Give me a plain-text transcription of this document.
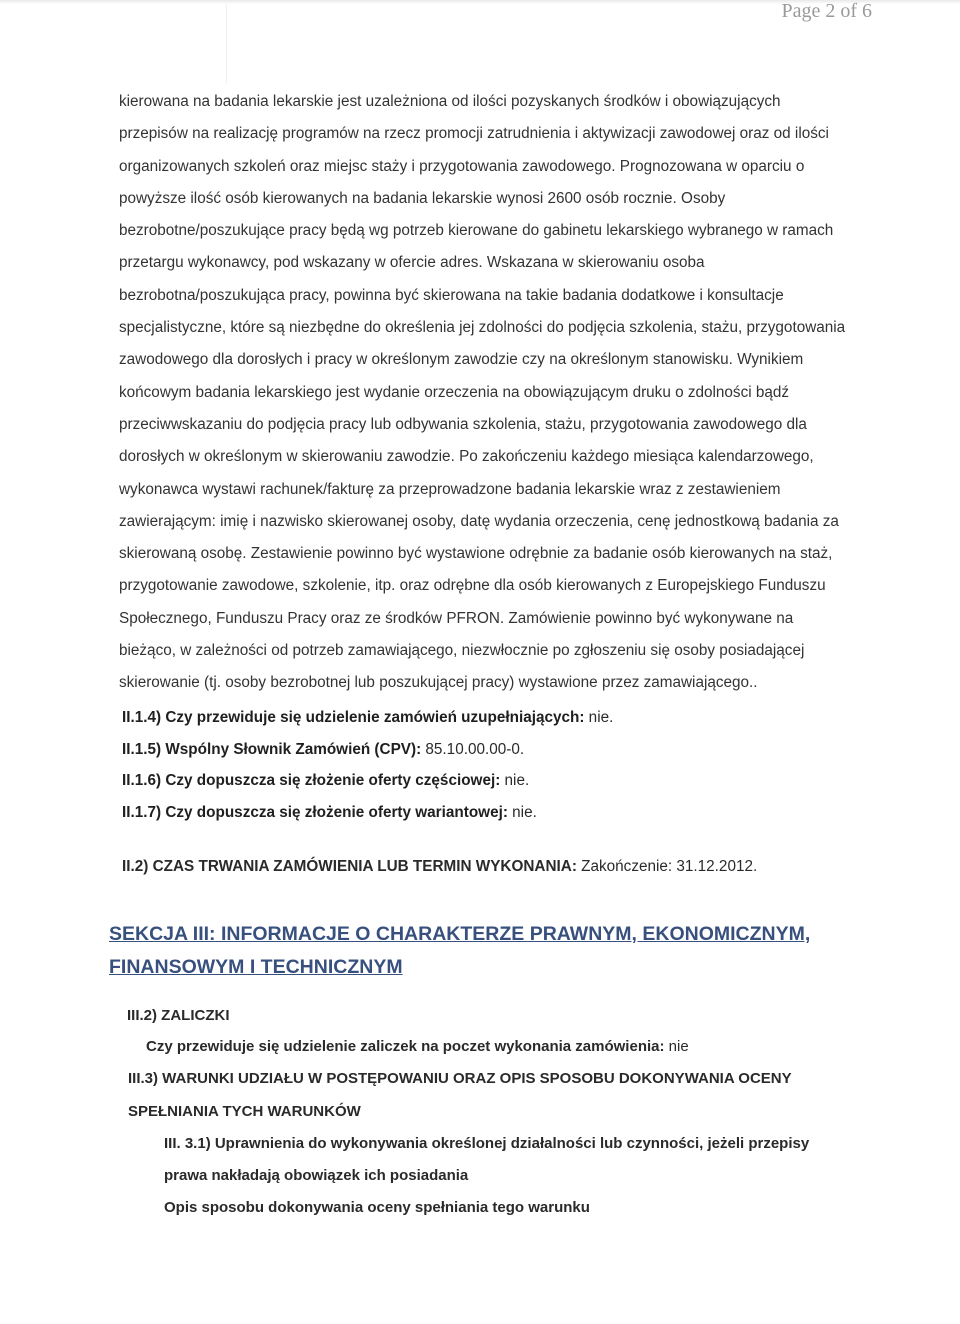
Page 2 of 6
kierowana na badania lekarskie jest uzależniona od ilości pozyskanych środków i obowiązujących
przepisów na realizację programów na rzecz promocji zatrudnienia i aktywizacji zawodowej oraz od ilości
organizowanych szkoleń oraz miejsc staży i przygotowania zawodowego. Prognozowana w oparciu o
powyższe ilość osób kierowanych na badania lekarskie wynosi 2600 osób rocznie. Osoby
bezrobotne/poszukujące pracy będą wg potrzeb kierowane do gabinetu lekarskiego wybranego w ramach
przetargu wykonawcy, pod wskazany w ofercie adres. Wskazana w skierowaniu osoba
bezrobotna/poszukująca pracy, powinna być skierowana na takie badania dodatkowe i konsultacje
specjalistyczne, które są niezbędne do określenia jej zdolności do podjęcia szkolenia, stażu, przygotowania
zawodowego dla dorosłych i pracy w określonym zawodzie czy na określonym stanowisku. Wynikiem
końcowym badania lekarskiego jest wydanie orzeczenia na obowiązującym druku o zdolności bądź
przeciwwskazaniu do podjęcia pracy lub odbywania szkolenia, stażu, przygotowania zawodowego dla
dorosłych w określonym w skierowaniu zawodzie. Po zakończeniu każdego miesiąca kalendarzowego,
wykonawca wystawi rachunek/fakturę za przeprowadzone badania lekarskie wraz z zestawieniem
zawierającym: imię i nazwisko skierowanej osoby, datę wydania orzeczenia, cenę jednostkową badania za
skierowaną osobę. Zestawienie powinno być wystawione odrębnie za badanie osób kierowanych na staż,
przygotowanie zawodowe, szkolenie, itp. oraz odrębne dla osób kierowanych z Europejskiego Funduszu
Społecznego, Funduszu Pracy oraz ze środków PFRON. Zamówienie powinno być wykonywane na
bieżąco, w zależności od potrzeb zamawiającego, niezwłocznie po zgłoszeniu się osoby posiadającej
skierowanie (tj. osoby bezrobotnej lub poszukującej pracy) wystawione przez zamawiającego..
II.1.4) Czy przewiduje się udzielenie zamówień uzupełniających: nie.
II.1.5) Wspólny Słownik Zamówień (CPV): 85.10.00.00-0.
II.1.6) Czy dopuszcza się złożenie oferty częściowej: nie.
II.1.7) Czy dopuszcza się złożenie oferty wariantowej: nie.
II.2) CZAS TRWANIA ZAMÓWIENIA LUB TERMIN WYKONANIA: Zakończenie: 31.12.2012.
SEKCJA III: INFORMACJE O CHARAKTERZE PRAWNYM, EKONOMICZNYM,
FINANSOWYM I TECHNICZNYM
III.2) ZALICZKI
Czy przewiduje się udzielenie zaliczek na poczet wykonania zamówienia: nie
III.3) WARUNKI UDZIAŁU W POSTĘPOWANIU ORAZ OPIS SPOSOBU DOKONYWANIA OCENY
SPEŁNIANIA TYCH WARUNKÓW
III. 3.1) Uprawnienia do wykonywania określonej działalności lub czynności, jeżeli przepisy
prawa nakładają obowiązek ich posiadania
Opis sposobu dokonywania oceny spełniania tego warunku
